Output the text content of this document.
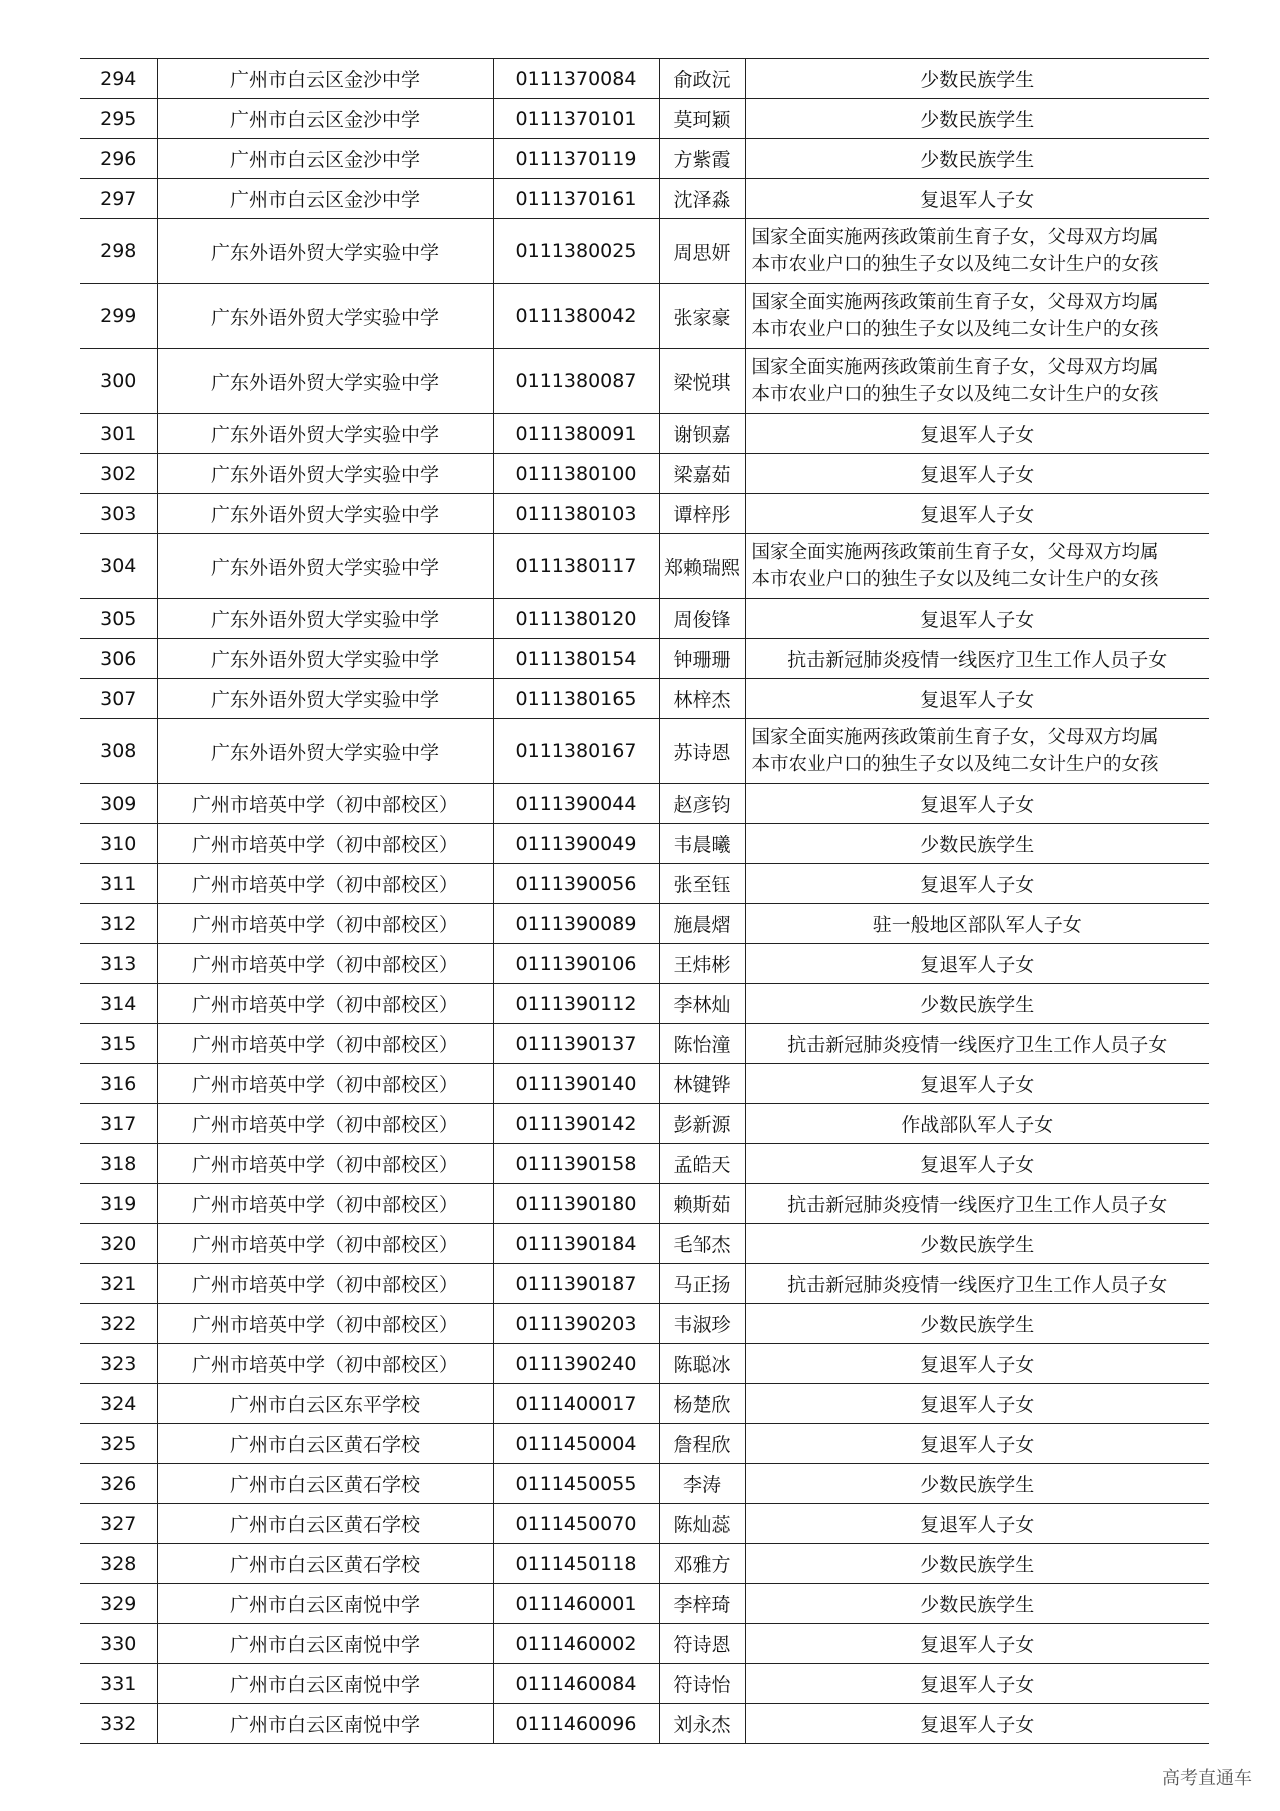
294	广州市白云区金沙中学	0111370084	俞政沅	少数民族学生
295	广州市白云区金沙中学	0111370101	莫珂颖	少数民族学生
296	广州市白云区金沙中学	0111370119	方紫霞	少数民族学生
297	广州市白云区金沙中学	0111370161	沈泽淼	复退军人子女
298	广东外语外贸大学实验中学	0111380025	周思妍	国家全面实施两孩政策前生育子女，父母双方均属
本市农业户口的独生子女以及纯二女计生户的女孩

299	广东外语外贸大学实验中学	0111380042	张家豪	国家全面实施两孩政策前生育子女，父母双方均属
本市农业户口的独生子女以及纯二女计生户的女孩

300	广东外语外贸大学实验中学	0111380087	梁悦琪	国家全面实施两孩政策前生育子女，父母双方均属
本市农业户口的独生子女以及纯二女计生户的女孩

301	广东外语外贸大学实验中学	0111380091	谢钡嘉	复退军人子女
302	广东外语外贸大学实验中学	0111380100	梁嘉茹	复退军人子女
303	广东外语外贸大学实验中学	0111380103	谭梓彤	复退军人子女
304	广东外语外贸大学实验中学	0111380117	郑赖瑞熙	国家全面实施两孩政策前生育子女，父母双方均属
本市农业户口的独生子女以及纯二女计生户的女孩

305	广东外语外贸大学实验中学	0111380120	周俊锋	复退军人子女
306	广东外语外贸大学实验中学	0111380154	钟珊珊	抗击新冠肺炎疫情一线医疗卫生工作人员子女
307	广东外语外贸大学实验中学	0111380165	林梓杰	复退军人子女
308	广东外语外贸大学实验中学	0111380167	苏诗恩	国家全面实施两孩政策前生育子女，父母双方均属
本市农业户口的独生子女以及纯二女计生户的女孩

309	广州市培英中学（初中部校区）	0111390044	赵彦钧	复退军人子女
310	广州市培英中学（初中部校区）	0111390049	韦晨曦	少数民族学生
311	广州市培英中学（初中部校区）	0111390056	张至钰	复退军人子女
312	广州市培英中学（初中部校区）	0111390089	施晨熠	驻一般地区部队军人子女
313	广州市培英中学（初中部校区）	0111390106	王炜彬	复退军人子女
314	广州市培英中学（初中部校区）	0111390112	李林灿	少数民族学生
315	广州市培英中学（初中部校区）	0111390137	陈怡潼	抗击新冠肺炎疫情一线医疗卫生工作人员子女
316	广州市培英中学（初中部校区）	0111390140	林键铧	复退军人子女
317	广州市培英中学（初中部校区）	0111390142	彭新源	作战部队军人子女
318	广州市培英中学（初中部校区）	0111390158	孟皓天	复退军人子女
319	广州市培英中学（初中部校区）	0111390180	赖斯茹	抗击新冠肺炎疫情一线医疗卫生工作人员子女
320	广州市培英中学（初中部校区）	0111390184	毛邹杰	少数民族学生
321	广州市培英中学（初中部校区）	0111390187	马正扬	抗击新冠肺炎疫情一线医疗卫生工作人员子女
322	广州市培英中学（初中部校区）	0111390203	韦淑珍	少数民族学生
323	广州市培英中学（初中部校区）	0111390240	陈聪冰	复退军人子女
324	广州市白云区东平学校	0111400017	杨楚欣	复退军人子女
325	广州市白云区黄石学校	0111450004	詹程欣	复退军人子女
326	广州市白云区黄石学校	0111450055	李涛	少数民族学生
327	广州市白云区黄石学校	0111450070	陈灿蕊	复退军人子女
328	广州市白云区黄石学校	0111450118	邓雅方	少数民族学生
329	广州市白云区南悦中学	0111460001	李梓琦	少数民族学生
330	广州市白云区南悦中学	0111460002	符诗恩	复退军人子女
331	广州市白云区南悦中学	0111460084	符诗怡	复退军人子女
332	广州市白云区南悦中学	0111460096	刘永杰	复退军人子女
高考直通车
